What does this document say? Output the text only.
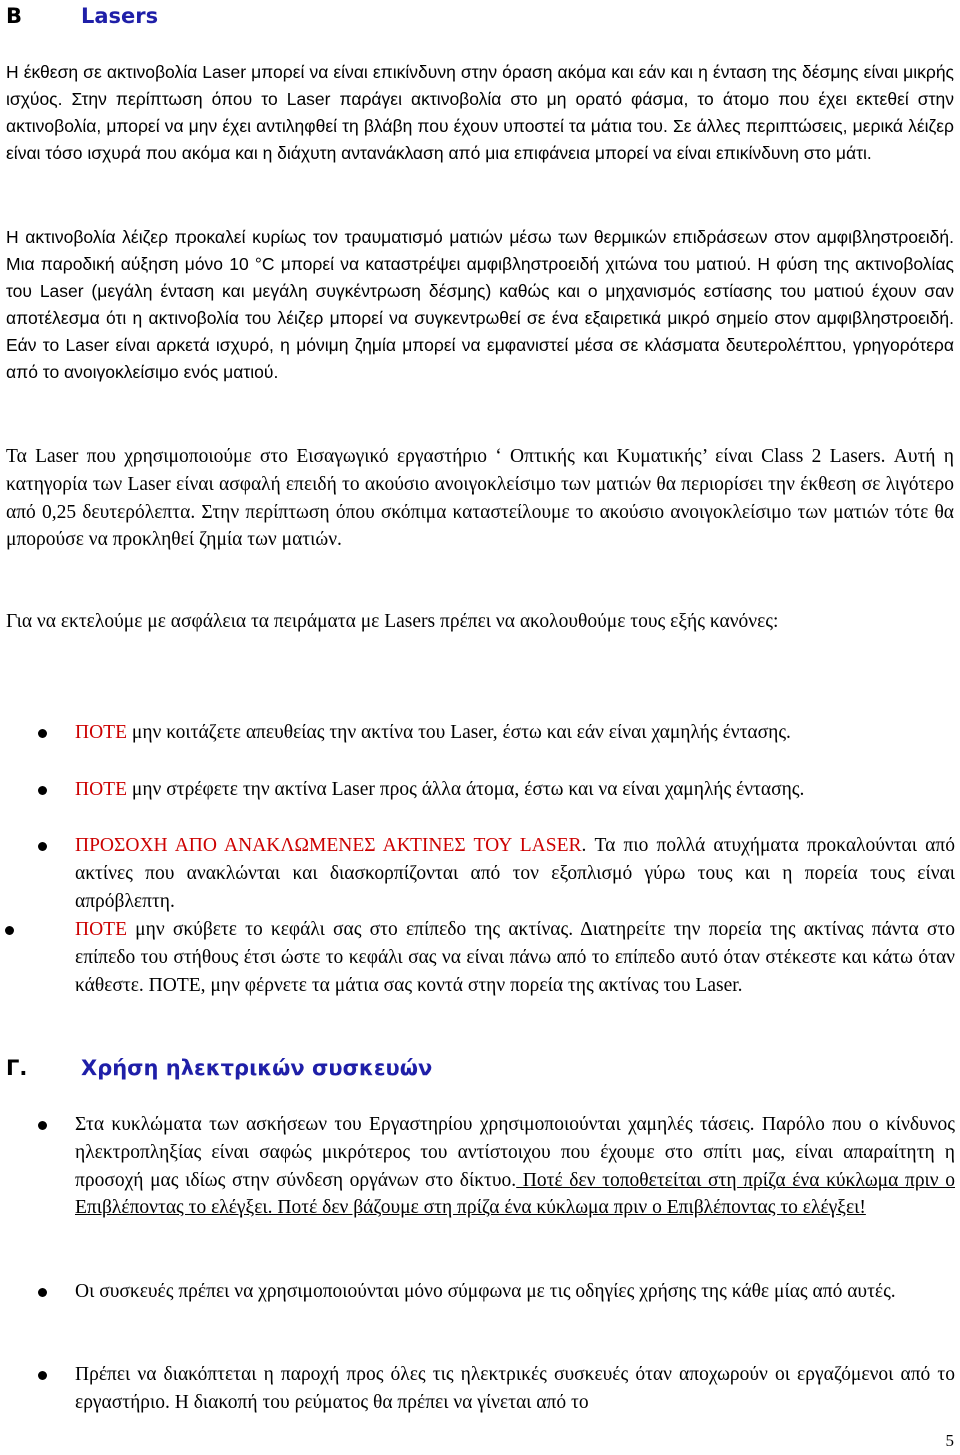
B	Lasers

Η έκθεση σε ακτινοβολία Laser μπορεί να είναι επικίνδυνη στην όραση ακόμα και εάν και η ένταση της δέσμης είναι μικρής ισχύος. Στην περίπτωση όπου το Laser παράγει ακτινοβολία στο μη ορατό φάσμα, το άτομο που έχει εκτεθεί στην ακτινοβολία, μπορεί να μην έχει αντιληφθεί τη βλάβη που έχουν υποστεί τα μάτια του. Σε άλλες περιπτώσεις, μερικά λέιζερ είναι τόσο ισχυρά που ακόμα και η διάχυτη αντανάκλαση από μια επιφάνεια μπορεί να είναι επικίνδυνη στο μάτι.

Η ακτινοβολία λέιζερ προκαλεί κυρίως τον τραυματισμό ματιών μέσω των θερμικών επιδράσεων στον αμφιβληστροειδή. Μια παροδική αύξηση μόνο 10 °C μπορεί να καταστρέψει αμφιβληστροειδή χιτώνα του ματιού. Η φύση της ακτινοβολίας του Laser (μεγάλη ένταση και μεγάλη συγκέντρωση δέσμης) καθώς και ο μηχανισμός εστίασης του ματιού έχουν σαν αποτέλεσμα ότι η ακτινοβολία του λέιζερ μπορεί να συγκεντρωθεί σε ένα εξαιρετικά μικρό σημείο στον αμφιβληστροειδή. Εάν το Laser είναι αρκετά ισχυρό, η μόνιμη ζημία μπορεί να εμφανιστεί μέσα σε κλάσματα δευτερολέπτου, γρηγορότερα από το ανοιγοκλείσιμο ενός ματιού.

Τα Laser που χρησιμοποιούμε στο Εισαγωγικό εργαστήριο ‘ Οπτικής και Κυματικής’ είναι Class 2 Lasers. Αυτή η κατηγορία των Laser είναι ασφαλή επειδή το ακούσιο ανοιγοκλείσιμο των ματιών θα περιορίσει την έκθεση σε λιγότερο από 0,25 δευτερόλεπτα. Στην περίπτωση όπου σκόπιμα καταστείλουμε το ακούσιο ανοιγοκλείσιμο των ματιών τότε θα μπορούσε να προκληθεί ζημία των ματιών.

Για να εκτελούμε με ασφάλεια τα πειράματα με Lasers πρέπει να ακολουθούμε τους εξής κανόνες:

ΠΟΤΕ μην κοιτάζετε απευθείας την ακτίνα του Laser, έστω και εάν είναι χαμηλής έντασης.

ΠΟΤΕ μην στρέφετε την ακτίνα Laser προς άλλα άτομα, έστω και να είναι χαμηλής έντασης.

ΠΡΟΣΟΧΗ ΑΠΟ ΑΝΑΚΛΩΜΕΝΕΣ ΑΚΤΙΝΕΣ ΤΟΥ LASER. Τα πιο πολλά ατυχήματα προκαλούνται από ακτίνες που ανακλώνται και διασκορπίζονται από τον εξοπλισμό γύρω τους και η πορεία τους είναι απρόβλεπτη.

ΠΟΤΕ μην σκύβετε το κεφάλι σας στο επίπεδο της ακτίνας. Διατηρείτε την πορεία της ακτίνας πάντα στο επίπεδο του στήθους έτσι ώστε το κεφάλι σας να είναι πάνω από το επίπεδο αυτό όταν στέκεστε και κάτω όταν κάθεστε. ΠΟΤΕ, μην φέρνετε τα μάτια σας κοντά στην πορεία της ακτίνας του Laser.

Γ.	Χρήση ηλεκτρικών συσκευών

Στα κυκλώματα των ασκήσεων του Εργαστηρίου χρησιμοποιούνται χαμηλές τάσεις. Παρόλο που ο κίνδυνος ηλεκτροπληξίας είναι σαφώς μικρότερος του αντίστοιχου που έχουμε στο σπίτι μας, είναι απαραίτητη η προσοχή μας ιδίως στην σύνδεση οργάνων στο δίκτυο. Ποτέ δεν τοποθετείται στη πρίζα ένα κύκλωμα πριν ο Επιβλέποντας το ελέγξει. Ποτέ δεν βάζουμε στη πρίζα ένα κύκλωμα πριν ο Επιβλέποντας το ελέγξει!

Οι συσκευές πρέπει να χρησιμοποιούνται μόνο σύμφωνα με τις οδηγίες χρήσης της κάθε μίας από αυτές.

Πρέπει να διακόπτεται η παροχή προς όλες τις ηλεκτρικές συσκευές όταν αποχωρούν οι εργαζόμενοι από το εργαστήριο. Η διακοπή του ρεύματος θα πρέπει να γίνεται από το

5
